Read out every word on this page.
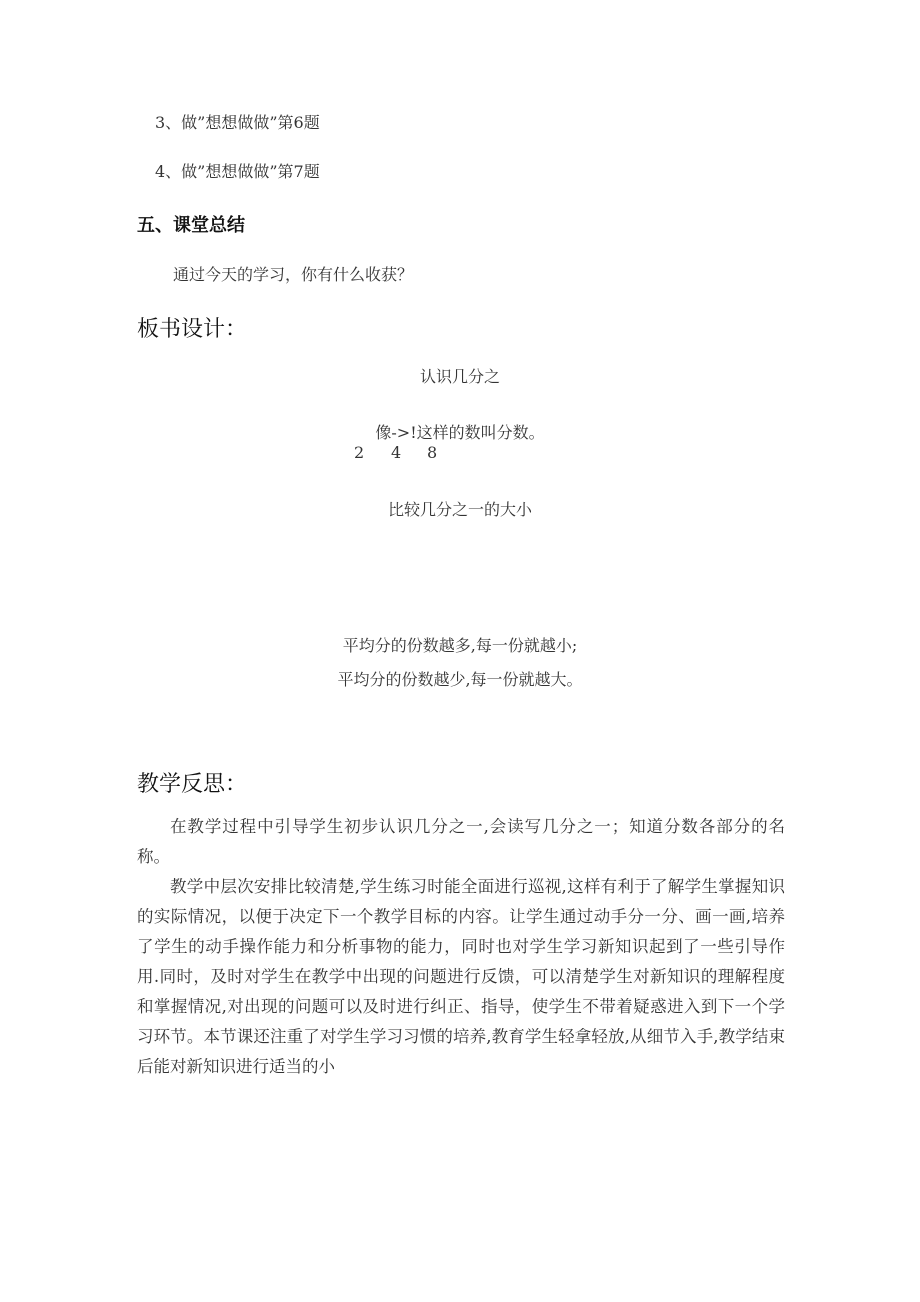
3、做”想想做做”第6题
4、做”想想做做”第7题
五、课堂总结
通过今天的学习，你有什么收获？
板书设计：
认识几分之
像->!这样的数叫分数。
2 4 8
比较几分之一的大小
平均分的份数越多,每一份就越小;
平均分的份数越少,每一份就越大。
教学反思：

在教学过程中引导学生初步认识几分之一,会读写几分之一；知道分数各部分的名称。

教学中层次安排比较清楚,学生练习时能全面进行巡视,这样有利于了解学生掌握知识的实际情况，以便于决定下一个教学目标的内容。让学生通过动手分一分、画一画,培养了学生的动手操作能力和分析事物的能力，同时也对学生学习新知识起到了一些引导作用.同时，及时对学生在教学中出现的问题进行反馈，可以清楚学生对新知识的理解程度和掌握情况,对出现的问题可以及时进行纠正、指导，使学生不带着疑惑进入到下一个学习环节。本节课还注重了对学生学习习惯的培养,教育学生轻拿轻放,从细节入手,教学结束后能对新知识进行适当的小
